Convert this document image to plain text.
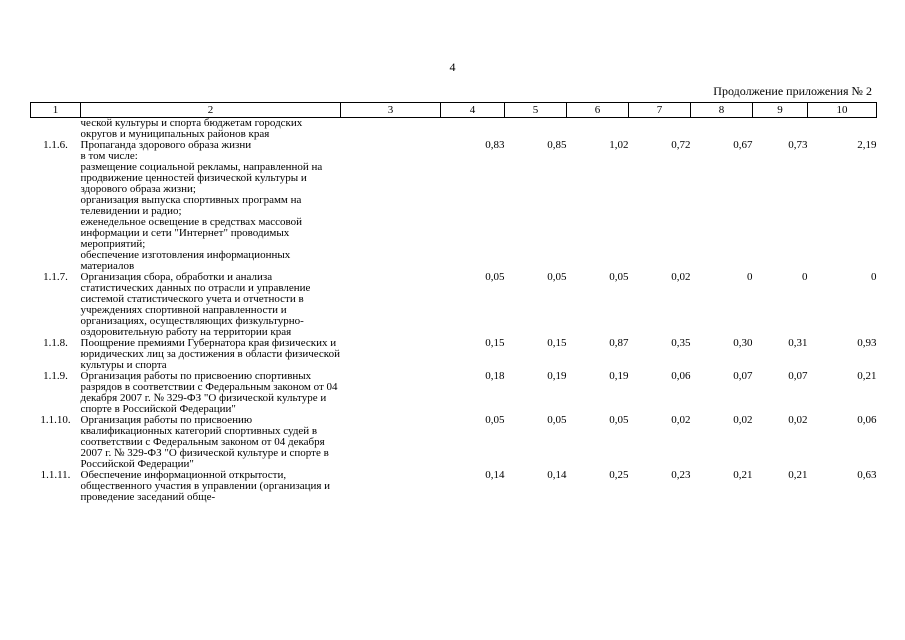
4
Продолжение приложения № 2
1	2	3	4	5	6	7	8	9	10
	ческой культуры и спорта бюджетам городских округов и муниципальных районов края								
1.1.6.	Пропаганда здорового образа жизни		0,83	0,85	1,02	0,72	0,67	0,73	2,19
	в том числе:								
	размещение социальной рекламы, направленной на продвижение ценностей физической культуры и здорового образа жизни;								
	организация выпуска спортивных программ на телевидении и радио;								
	еженедельное освещение в средствах массовой информации и сети "Интернет" проводимых мероприятий;								
	обеспечение изготовления информационных материалов								
1.1.7.	Организация сбора, обработки и анализа статистических данных по отрасли и управление системой статистического учета и отчетности в учреждениях спортивной направленности и организациях, осуществляющих физкультурно-оздоровительную работу на территории края		0,05	0,05	0,05	0,02	0	0	0
1.1.8.	Поощрение премиями Губернатора края физических и юридических лиц за достижения в области физической культуры и спорта		0,15	0,15	0,87	0,35	0,30	0,31	0,93
1.1.9.	Организация работы по присвоению спортивных разрядов в соответствии с Федеральным законом от 04 декабря 2007 г. № 329-ФЗ "О физической культуре и спорте в Российской Федерации"		0,18	0,19	0,19	0,06	0,07	0,07	0,21
1.1.10.	Организация работы по присвоению квалификационных категорий спортивных судей в соответствии с Федеральным законом от 04 декабря 2007 г. № 329-ФЗ "О физической культуре и спорте в Российской Федерации"		0,05	0,05	0,05	0,02	0,02	0,02	0,06
1.1.11.	Обеспечение информационной открытости, общественного участия в управлении (организация и проведение заседаний обще-		0,14	0,14	0,25	0,23	0,21	0,21	0,63
